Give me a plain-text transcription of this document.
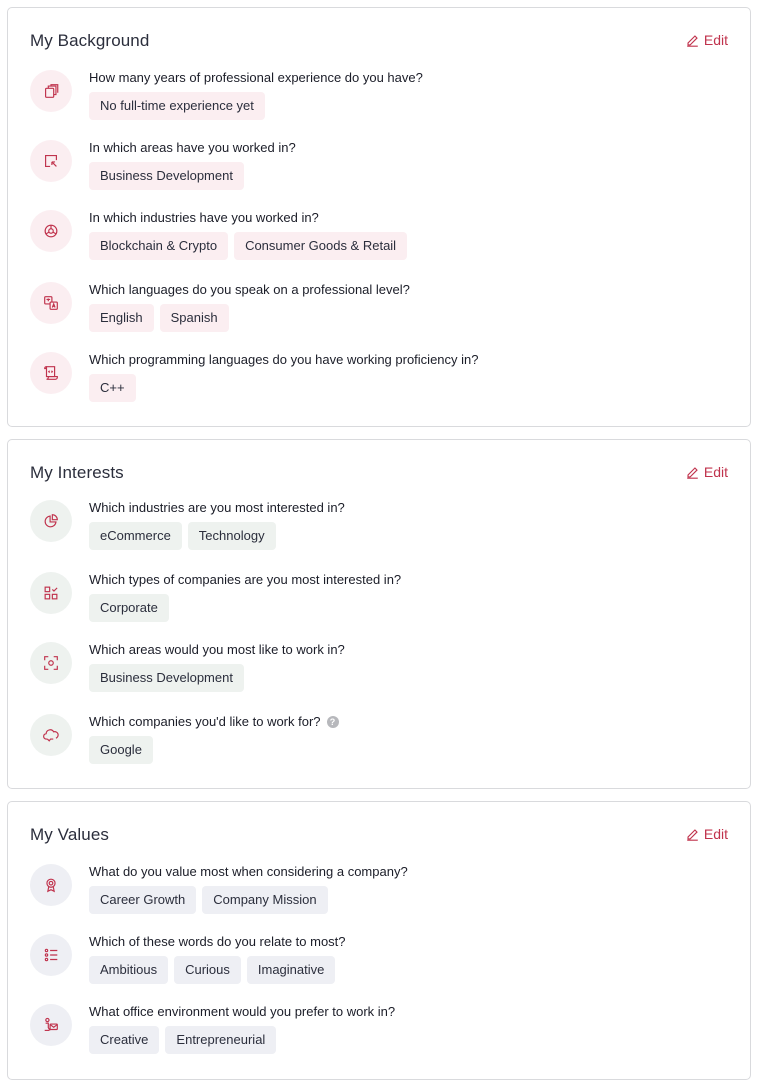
My Background	Edit
How many years of professional experience do you have?
No full-time experience yet
In which areas have you worked in?
Business Development
In which industries have you worked in?
Blockchain & Crypto	Consumer Goods & Retail
Which languages do you speak on a professional level?
English	Spanish
Which programming languages do you have working proficiency in?
C++
My Interests	Edit
Which industries are you most interested in?
eCommerce	Technology
Which types of companies are you most interested in?
Corporate
Which areas would you most like to work in?
Business Development
Which companies you'd like to work for? ?
Google
My Values	Edit
What do you value most when considering a company?
Career Growth	Company Mission
Which of these words do you relate to most?
Ambitious	Curious	Imaginative
What office environment would you prefer to work in?
Creative	Entrepreneurial
